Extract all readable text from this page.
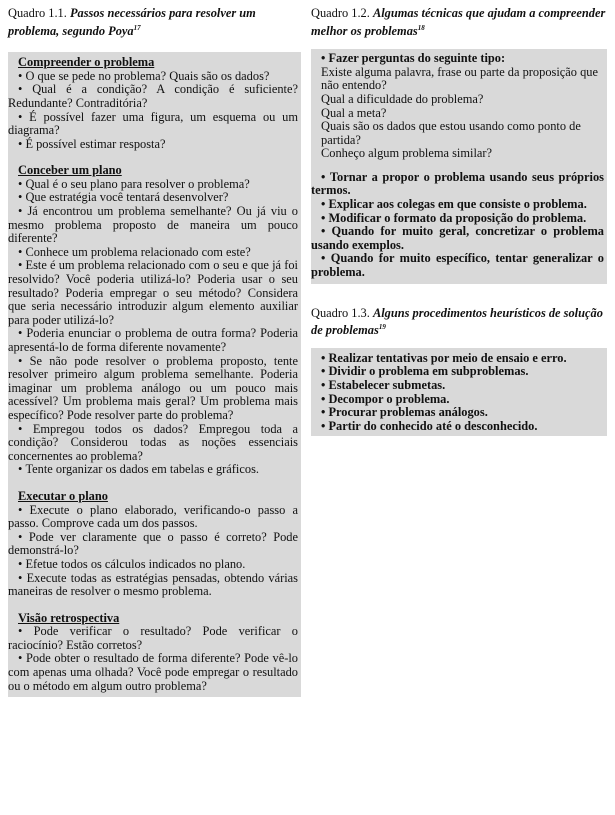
Quadro 1.1. Passos necessários para resolver um problema, segundo Poya$^{17}$
Compreender o problema
• O que se pede no problema? Quais são os dados?
• Qual é a condição? A condição é suficiente? Redundante? Contraditória?
• É possível fazer uma figura, um esquema ou um diagrama?
• É possível estimar resposta?
Conceber um plano
• Qual é o seu plano para resolver o problema?
• Que estratégia você tentará desenvolver?
• Já encontrou um problema semelhante? Ou já viu o mesmo problema proposto de maneira um pouco diferente?
• Conhece um problema relacionado com este?
• Este é um problema relacionado com o seu e que já foi resolvido? Você poderia utilizá-lo? Poderia usar o seu resultado? Poderia empregar o seu método? Considera que seria necessário introduzir algum elemento auxiliar para poder utilizá-lo?
• Poderia enunciar o problema de outra forma? Poderia apresentá-lo de forma diferente novamente?
• Se não pode resolver o problema proposto, tente resolver primeiro algum problema semelhante. Poderia imaginar um problema análogo ou um pouco mais acessível? Um problema mais geral? Um problema mais específico? Pode resolver parte do problema?
• Empregou todos os dados? Empregou toda a condição? Considerou todas as noções essenciais concernentes ao problema?
• Tente organizar os dados em tabelas e gráficos.
Executar o plano
• Execute o plano elaborado, verificando-o passo a passo. Comprove cada um dos passos.
• Pode ver claramente que o passo é correto? Pode demonstrá-lo?
• Efetue todos os cálculos indicados no plano.
• Execute todas as estratégias pensadas, obtendo várias maneiras de resolver o mesmo problema.
Visão retrospectiva
• Pode verificar o resultado? Pode verificar o raciocínio? Estão corretos?
• Pode obter o resultado de forma diferente? Pode vê-lo com apenas uma olhada? Você pode empregar o resultado ou o método em algum outro problema?
Quadro 1.2. Algumas técnicas que ajudam a compreender melhor os problemas$^{18}$
• Fazer perguntas do seguinte tipo:
Existe alguma palavra, frase ou parte da proposição que não entendo?
Qual a dificuldade do problema?
Qual a meta?
Quais são os dados que estou usando como ponto de partida?
Conheço algum problema similar?
• Tornar a propor o problema usando seus próprios termos.
• Explicar aos colegas em que consiste o problema.
• Modificar o formato da proposição do problema.
• Quando for muito geral, concretizar o problema usando exemplos.
• Quando for muito específico, tentar generalizar o problema.
Quadro 1.3. Alguns procedimentos heurísticos de solução de problemas$^{19}$
• Realizar tentativas por meio de ensaio e erro.
• Dividir o problema em subproblemas.
• Estabelecer submetas.
• Decompor o problema.
• Procurar problemas análogos.
• Partir do conhecido até o desconhecido.
